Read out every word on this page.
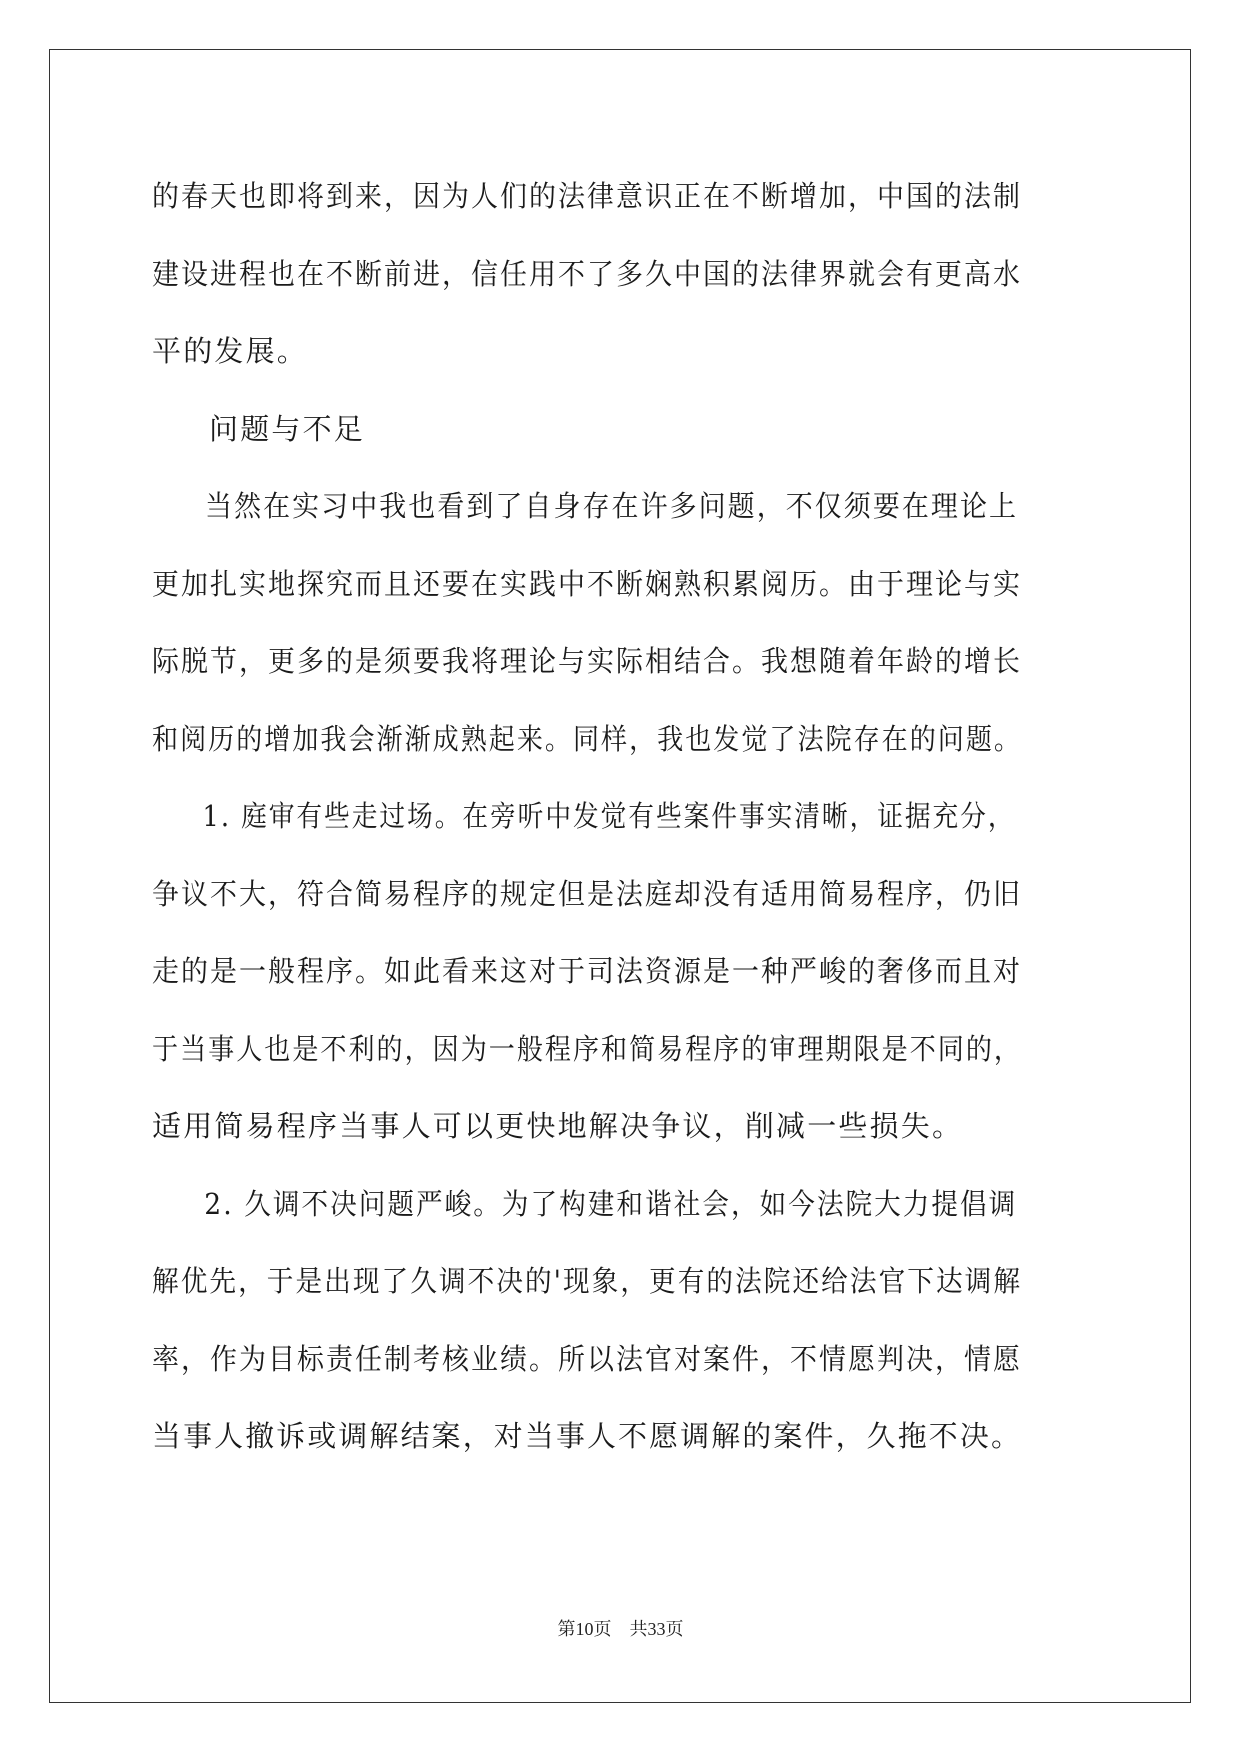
的春天也即将到来，因为人们的法律意识正在不断增加，中国的法制
建设进程也在不断前进，信任用不了多久中国的法律界就会有更高水
平的发展。
问题与不足
当然在实习中我也看到了自身存在许多问题，不仅须要在理论上
更加扎实地探究而且还要在实践中不断娴熟积累阅历。由于理论与实
际脱节，更多的是须要我将理论与实际相结合。我想随着年龄的增长
和阅历的增加我会渐渐成熟起来。同样，我也发觉了法院存在的问题。
1. 庭审有些走过场。在旁听中发觉有些案件事实清晰，证据充分，
争议不大，符合简易程序的规定但是法庭却没有适用简易程序，仍旧
走的是一般程序。如此看来这对于司法资源是一种严峻的奢侈而且对
于当事人也是不利的，因为一般程序和简易程序的审理期限是不同的，
适用简易程序当事人可以更快地解决争议，削减一些损失。
2. 久调不决问题严峻。为了构建和谐社会，如今法院大力提倡调
解优先，于是出现了久调不决的'现象，更有的法院还给法官下达调解
率，作为目标责任制考核业绩。所以法官对案件，不情愿判决，情愿
当事人撤诉或调解结案，对当事人不愿调解的案件，久拖不决。
第10页 共33页
